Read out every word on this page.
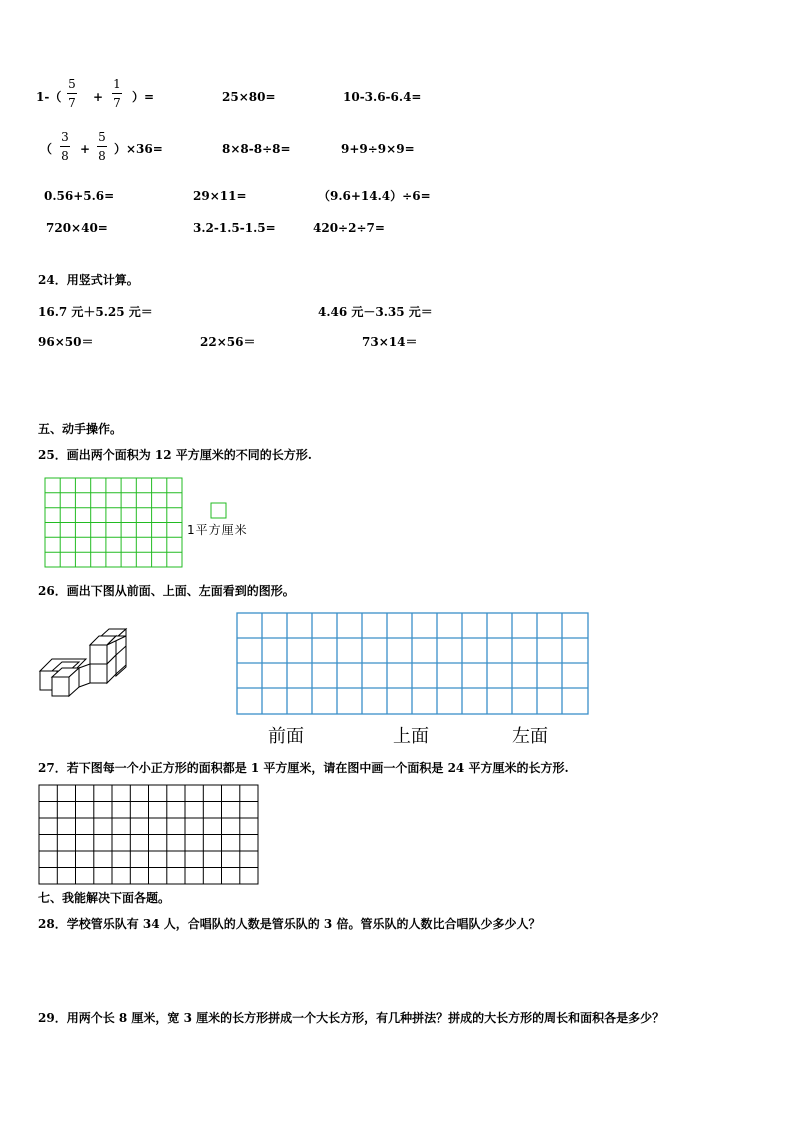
1-（
5
7 +
1
7 ）=	25×80=	10-3.6-6.4=
（
3
8 +
5
8 ）×36=	8×8-8÷8=	9+9÷9×9=
0.56+5.6=	29×11=	（9.6+14.4）÷6=
720×40=	3.2-1.5-1.5=	420÷2÷7=
24．用竖式计算。
16.7 元＋5.25 元＝	4.46 元－3.35 元＝
96×50＝	22×56＝	73×14＝
五、动手操作。
25．画出两个面积为 12 平方厘米的不同的长方形.
1平方厘米
26．画出下图从前面、上面、左面看到的图形。
前面	上面	左面
27．若下图每一个小正方形的面积都是 1 平方厘米，请在图中画一个面积是 24 平方厘米的长方形.
七、我能解决下面各题。
28．学校管乐队有 34 人，合唱队的人数是管乐队的 3 倍。管乐队的人数比合唱队少多少人？
29．用两个长 8 厘米，宽 3 厘米的长方形拼成一个大长方形，有几种拼法？拼成的大长方形的周长和面积各是多少？
